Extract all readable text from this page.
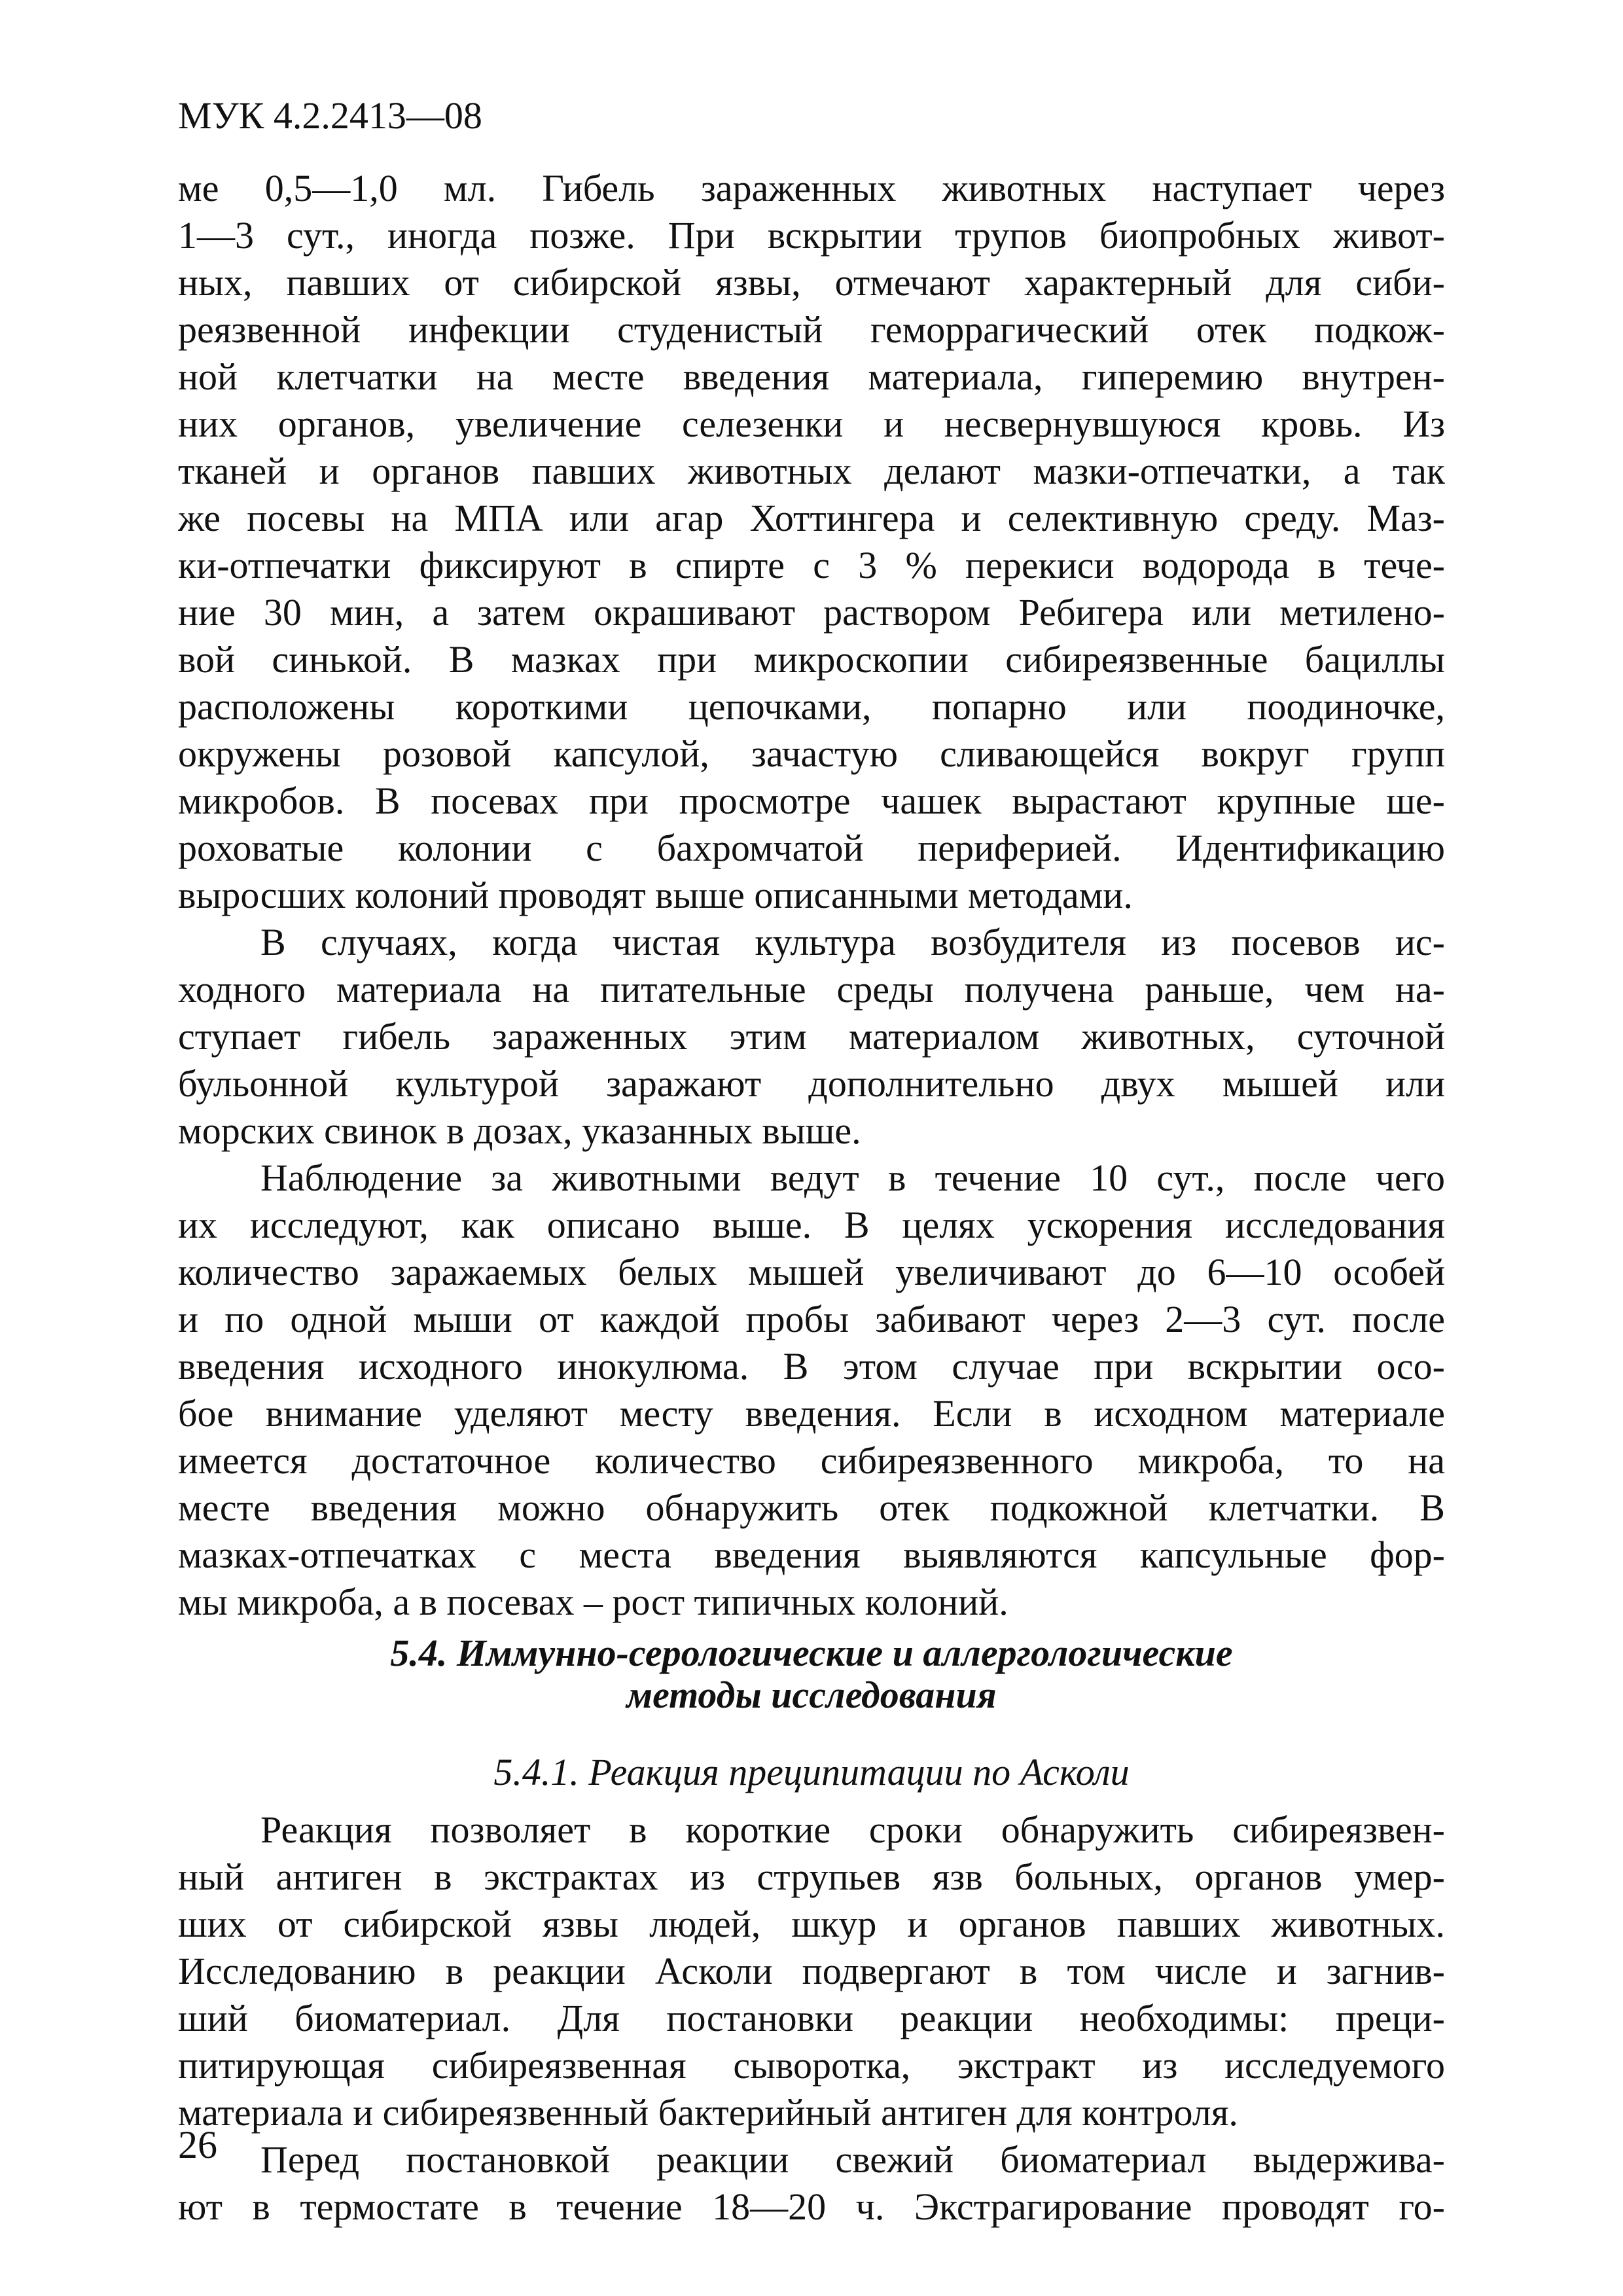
МУК 4.2.2413—08
ме 0,5—1,0 мл. Гибель зараженных животных наступает через
1—3 сут., иногда позже. При вскрытии трупов биопробных живот-
ных, павших от сибирской язвы, отмечают характерный для сиби-
реязвенной инфекции студенистый геморрагический отек подкож-
ной клетчатки на месте введения материала, гиперемию внутрен-
них органов, увеличение селезенки и несвернувшуюся кровь. Из
тканей и органов павших животных делают мазки-отпечатки, а так
же посевы на МПА или агар Хоттингера и селективную среду. Маз-
ки-отпечатки фиксируют в спирте с 3 % перекиси водорода в тече-
ние 30 мин, а затем окрашивают раствором Ребигера или метилено-
вой синькой. В мазках при микроскопии сибиреязвенные бациллы
расположены короткими цепочками, попарно или поодиночке,
окружены розовой капсулой, зачастую сливающейся вокруг групп
микробов. В посевах при просмотре чашек вырастают крупные ше-
роховатые колонии с бахромчатой периферией. Идентификацию
выросших колоний проводят выше описанными методами.
В случаях, когда чистая культура возбудителя из посевов ис-
ходного материала на питательные среды получена раньше, чем на-
ступает гибель зараженных этим материалом животных, суточной
бульонной культурой заражают дополнительно двух мышей или
морских свинок в дозах, указанных выше.
Наблюдение за животными ведут в течение 10 сут., после чего
их исследуют, как описано выше. В целях ускорения исследования
количество заражаемых белых мышей увеличивают до 6—10 особей
и по одной мыши от каждой пробы забивают через 2—3 сут. после
введения исходного инокулюма. В этом случае при вскрытии осо-
бое внимание уделяют месту введения. Если в исходном материале
имеется достаточное количество сибиреязвенного микроба, то на
месте введения можно обнаружить отек подкожной клетчатки. В
мазках-отпечатках с места введения выявляются капсульные фор-
мы микроба, а в посевах – рост типичных колоний.
5.4. Иммунно-серологические и аллергологические
методы исследования
5.4.1. Реакция преципитации по Асколи
Реакция позволяет в короткие сроки обнаружить сибиреязвен-
ный антиген в экстрактах из струпьев язв больных, органов умер-
ших от сибирской язвы людей, шкур и органов павших животных.
Исследованию в реакции Асколи подвергают в том числе и загнив-
ший биоматериал. Для постановки реакции необходимы: преци-
питирующая сибиреязвенная сыворотка, экстракт из исследуемого
материала и сибиреязвенный бактерийный антиген для контроля.
Перед постановкой реакции свежий биоматериал выдержива-
ют в термостате в течение 18—20 ч. Экстрагирование проводят го-
26
